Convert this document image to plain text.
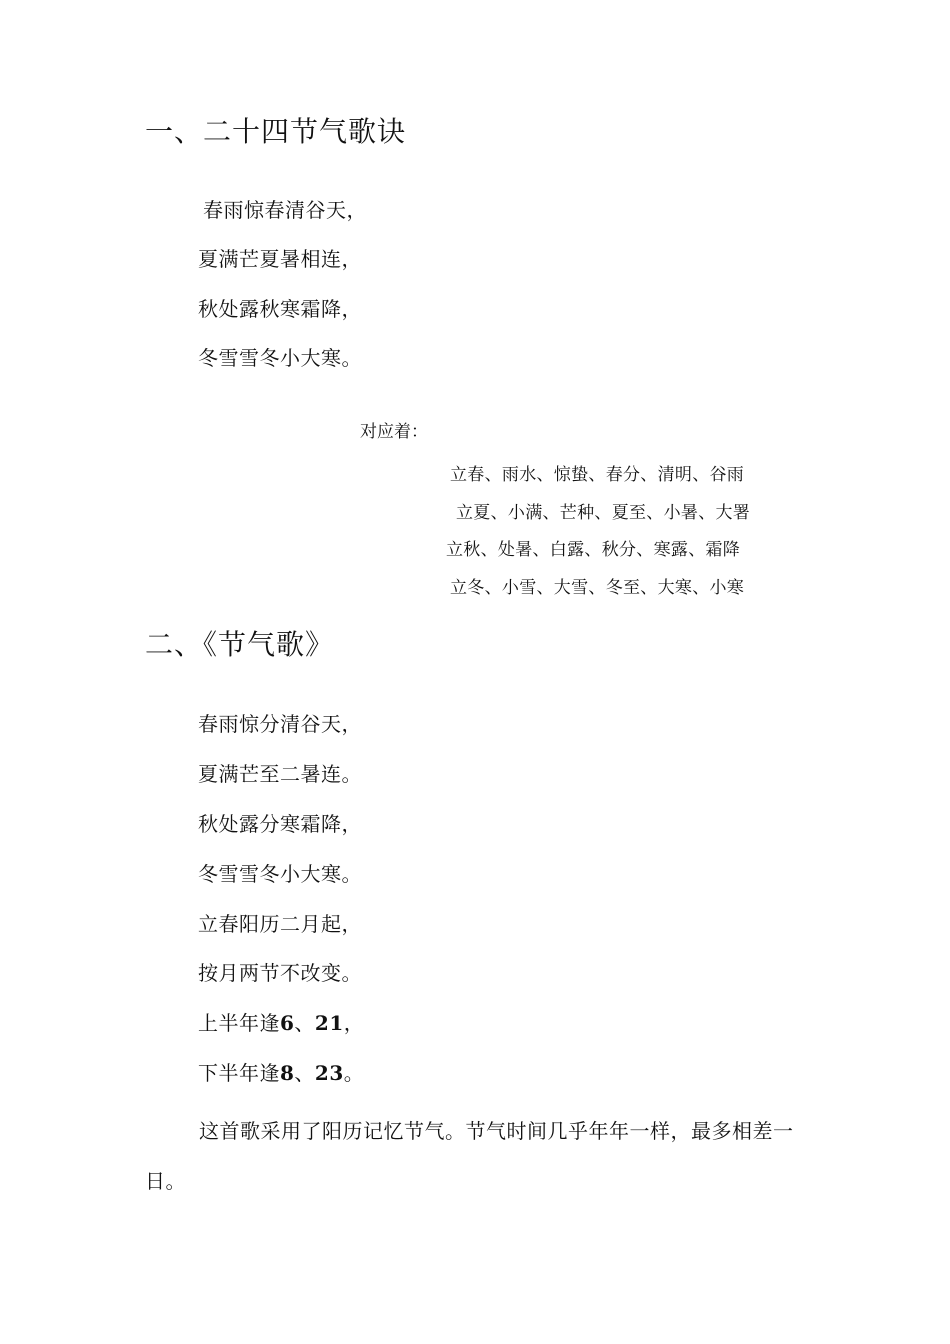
一、二十四节气歌诀
春雨惊春清谷天，
夏满芒夏暑相连，
秋处露秋寒霜降，
冬雪雪冬小大寒。
对应着：
立春、雨水、惊蛰、春分、清明、谷雨
立夏、小满、芒种、夏至、小暑、大署
立秋、处暑、白露、秋分、寒露、霜降
立冬、小雪、大雪、冬至、大寒、小寒
二、《节气歌》
春雨惊分清谷天，
夏满芒至二暑连。
秋处露分寒霜降，
冬雪雪冬小大寒。
立春阳历二月起，
按月两节不改变。
上半年逢6、21，
下半年逢8、23。
这首歌采用了阳历记忆节气。节气时间几乎年年一样，最多相差一日。
